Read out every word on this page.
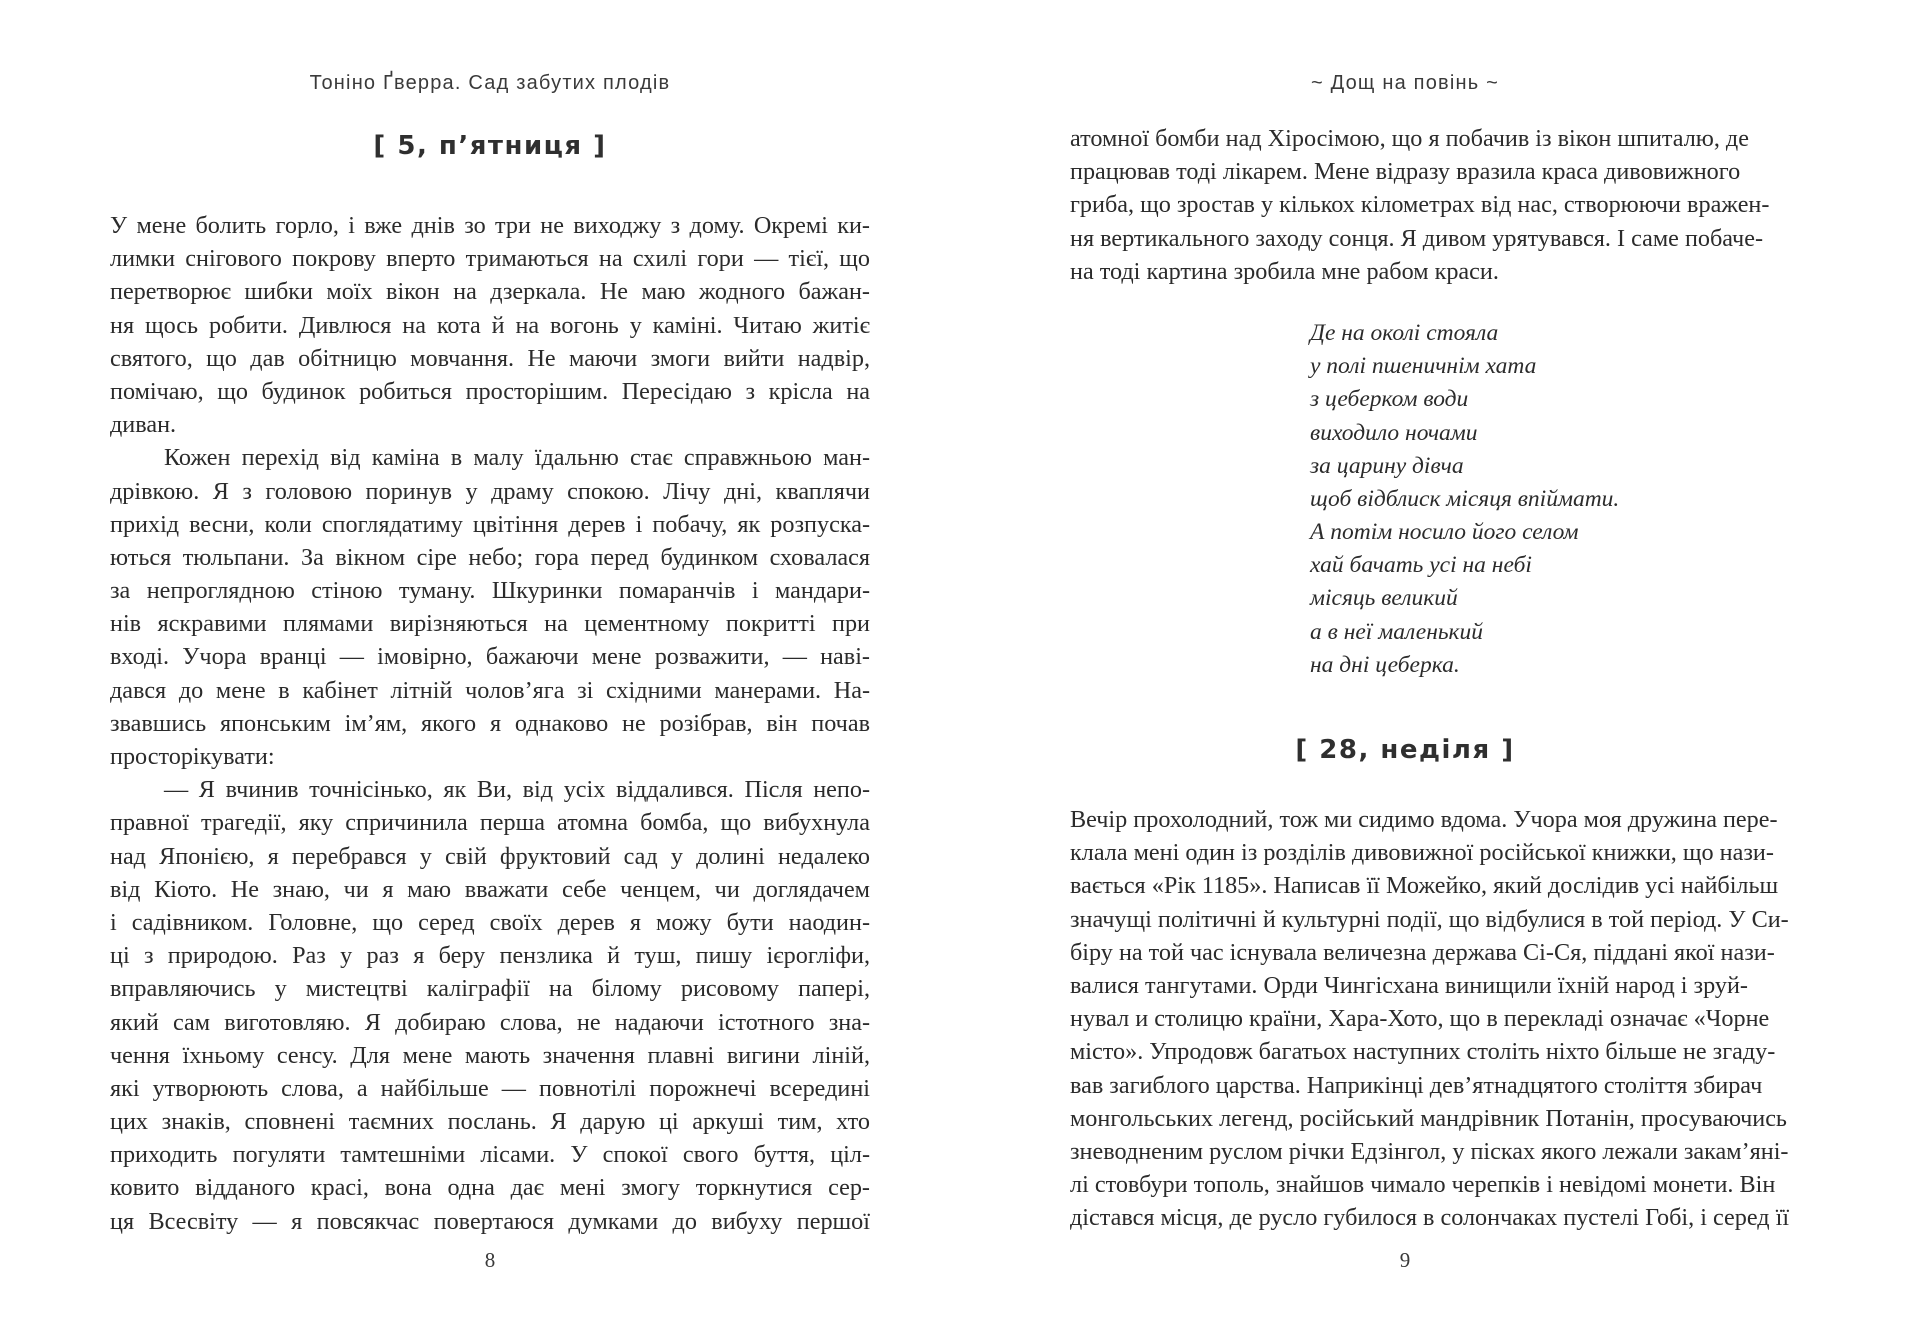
Тоніно Ґверра. Сад забутих плодів
[ 5, п’ятниця ]
У мене болить горло, і вже днів зо три не виходжу з дому. Окремі ки-
лимки снігового покрову вперто тримаються на схилі гори — тієї, що
перетворює шибки моїх вікон на дзеркала. Не маю жодного бажан-
ня щось робити. Дивлюся на кота й на вогонь у каміні. Читаю житіє
святого, що дав обітницю мовчання. Не маючи змоги вийти надвір,
помічаю, що будинок робиться просторішим. Пересідаю з крісла на
диван.
Кожен перехід від каміна в малу їдальню стає справжньою ман-
дрівкою. Я з головою поринув у драму спокою. Лічу дні, кваплячи
прихід весни, коли споглядатиму цвітіння дерев і побачу, як розпуска-
ються тюльпани. За вікном сіре небо; гора перед будинком сховалася
за непроглядною стіною туману. Шкуринки помаранчів і мандари-
нів яскравими плямами вирізняються на цементному покритті при
вході. Учора вранці — імовірно, бажаючи мене розважити, — наві-
дався до мене в кабінет літній чолов’яга зі східними манерами. На-
звавшись японським ім’ям, якого я однаково не розібрав, він почав
просторікувати:
— Я вчинив точнісінько, як Ви, від усіх віддалився. Після непо-
правної трагедії, яку спричинила перша атомна бомба, що вибухнула
над Японією, я перебрався у свій фруктовий сад у долині недалеко
від Кіото. Не знаю, чи я маю вважати себе ченцем, чи доглядачем
і садівником. Головне, що серед своїх дерев я можу бути наодин-
ці з природою. Раз у раз я беру пензлика й туш, пишу ієрогліфи,
вправляючись у мистецтві каліграфії на білому рисовому папері,
який сам виготовляю. Я добираю слова, не надаючи істотного зна-
чення їхньому сенсу. Для мене мають значення плавні вигини ліній,
які утворюють слова, а найбільше — повнотілі порожнечі всередині
цих знаків, сповнені таємних послань. Я дарую ці аркуші тим, хто
приходить погуляти тамтешніми лісами. У спокої свого буття, ціл-
ковито відданого красі, вона одна дає мені змогу торкнутися сер-
ця Всесвіту — я повсякчас повертаюся думками до вибуху першої
8
~ Дощ на повінь ~
атомної бомби над Хіросімою, що я побачив із вікон шпиталю, де
працював тоді лікарем. Мене відразу вразила краса дивовижного
гриба, що зростав у кількох кілометрах від нас, створюючи вражен-
ня вертикального заходу сонця. Я дивом урятувався. І саме побаче-
на тоді картина зробила мне рабом краси.
Де на околі стояла
у полі пшеничнім хата
з цеберком води
виходило ночами
за царину дівча
щоб відблиск місяця впіймати.
А потім носило його селом
хай бачать усі на небі
місяць великий
а в неї маленький
на дні цеберка.
[ 28, неділя ]
Вечір прохолодний, тож ми сидимо вдома. Учора моя дружина пере-
клала мені один із розділів дивовижної російської книжки, що нази-
вається «Рік 1185». Написав її Можейко, який дослідив усі найбільш
значущі політичні й культурні події, що відбулися в той період. У Си-
біру на той час існувала величезна держава Сі-Ся, піддані якої нази-
валися тангутами. Орди Чингісхана винищили їхній народ і зруй-
нувал и столицю країни, Хара-Хото, що в перекладі означає «Чорне
місто». Упродовж багатьох наступних століть ніхто більше не згаду-
вав загиблого царства. Наприкінці дев’ятнадцятого століття збирач
монгольських легенд, російський мандрівник Потанін, просуваючись
зневодненим руслом річки Едзінгол, у пісках якого лежали закам’янi-
лі стовбури тополь, знайшов чимало черепків і невідомі монети. Він
дістався місця, де русло губилося в солончаках пустелі Гобі, і серед її
9
